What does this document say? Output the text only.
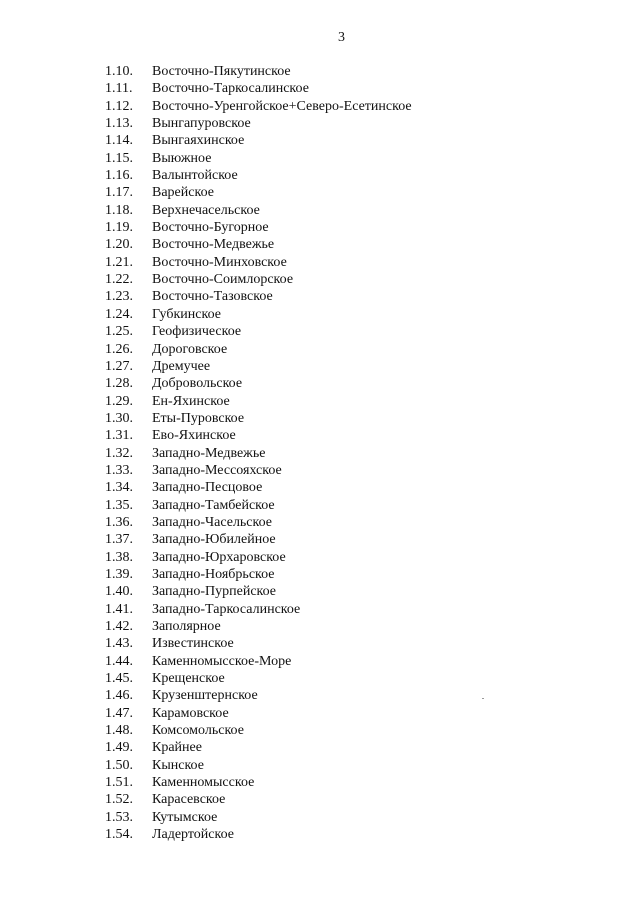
3
1.10.	Восточно-Пякутинское
1.11.	Восточно-Таркосалинское
1.12.	Восточно-Уренгойское+Северо-Есетинское
1.13.	Вынгапуровское
1.14.	Вынгаяхинское
1.15.	Выюжное
1.16.	Валынтойское
1.17.	Варейское
1.18.	Верхнечасельское
1.19.	Восточно-Бугорное
1.20.	Восточно-Медвежье
1.21.	Восточно-Минховское
1.22.	Восточно-Соимлорское
1.23.	Восточно-Тазовское
1.24.	Губкинское
1.25.	Геофизическое
1.26.	Дороговское
1.27.	Дремучее
1.28.	Добровольское
1.29.	Ен-Яхинское
1.30.	Еты-Пуровское
1.31.	Ево-Яхинское
1.32.	Западно-Медвежье
1.33.	Западно-Мессояхское
1.34.	Западно-Песцовое
1.35.	Западно-Тамбейское
1.36.	Западно-Часельское
1.37.	Западно-Юбилейное
1.38.	Западно-Юрхаровское
1.39.	Западно-Ноябрьское
1.40.	Западно-Пурпейское
1.41.	Западно-Таркосалинское
1.42.	Заполярное
1.43.	Известинское
1.44.	Каменномысское-Море
1.45.	Крещенское
1.46.	Крузенштернское
1.47.	Карамовское
1.48.	Комсомольское
1.49.	Крайнее
1.50.	Кынское
1.51.	Каменномысское
1.52.	Карасевское
1.53.	Кутымское
1.54.	Ладертойское
